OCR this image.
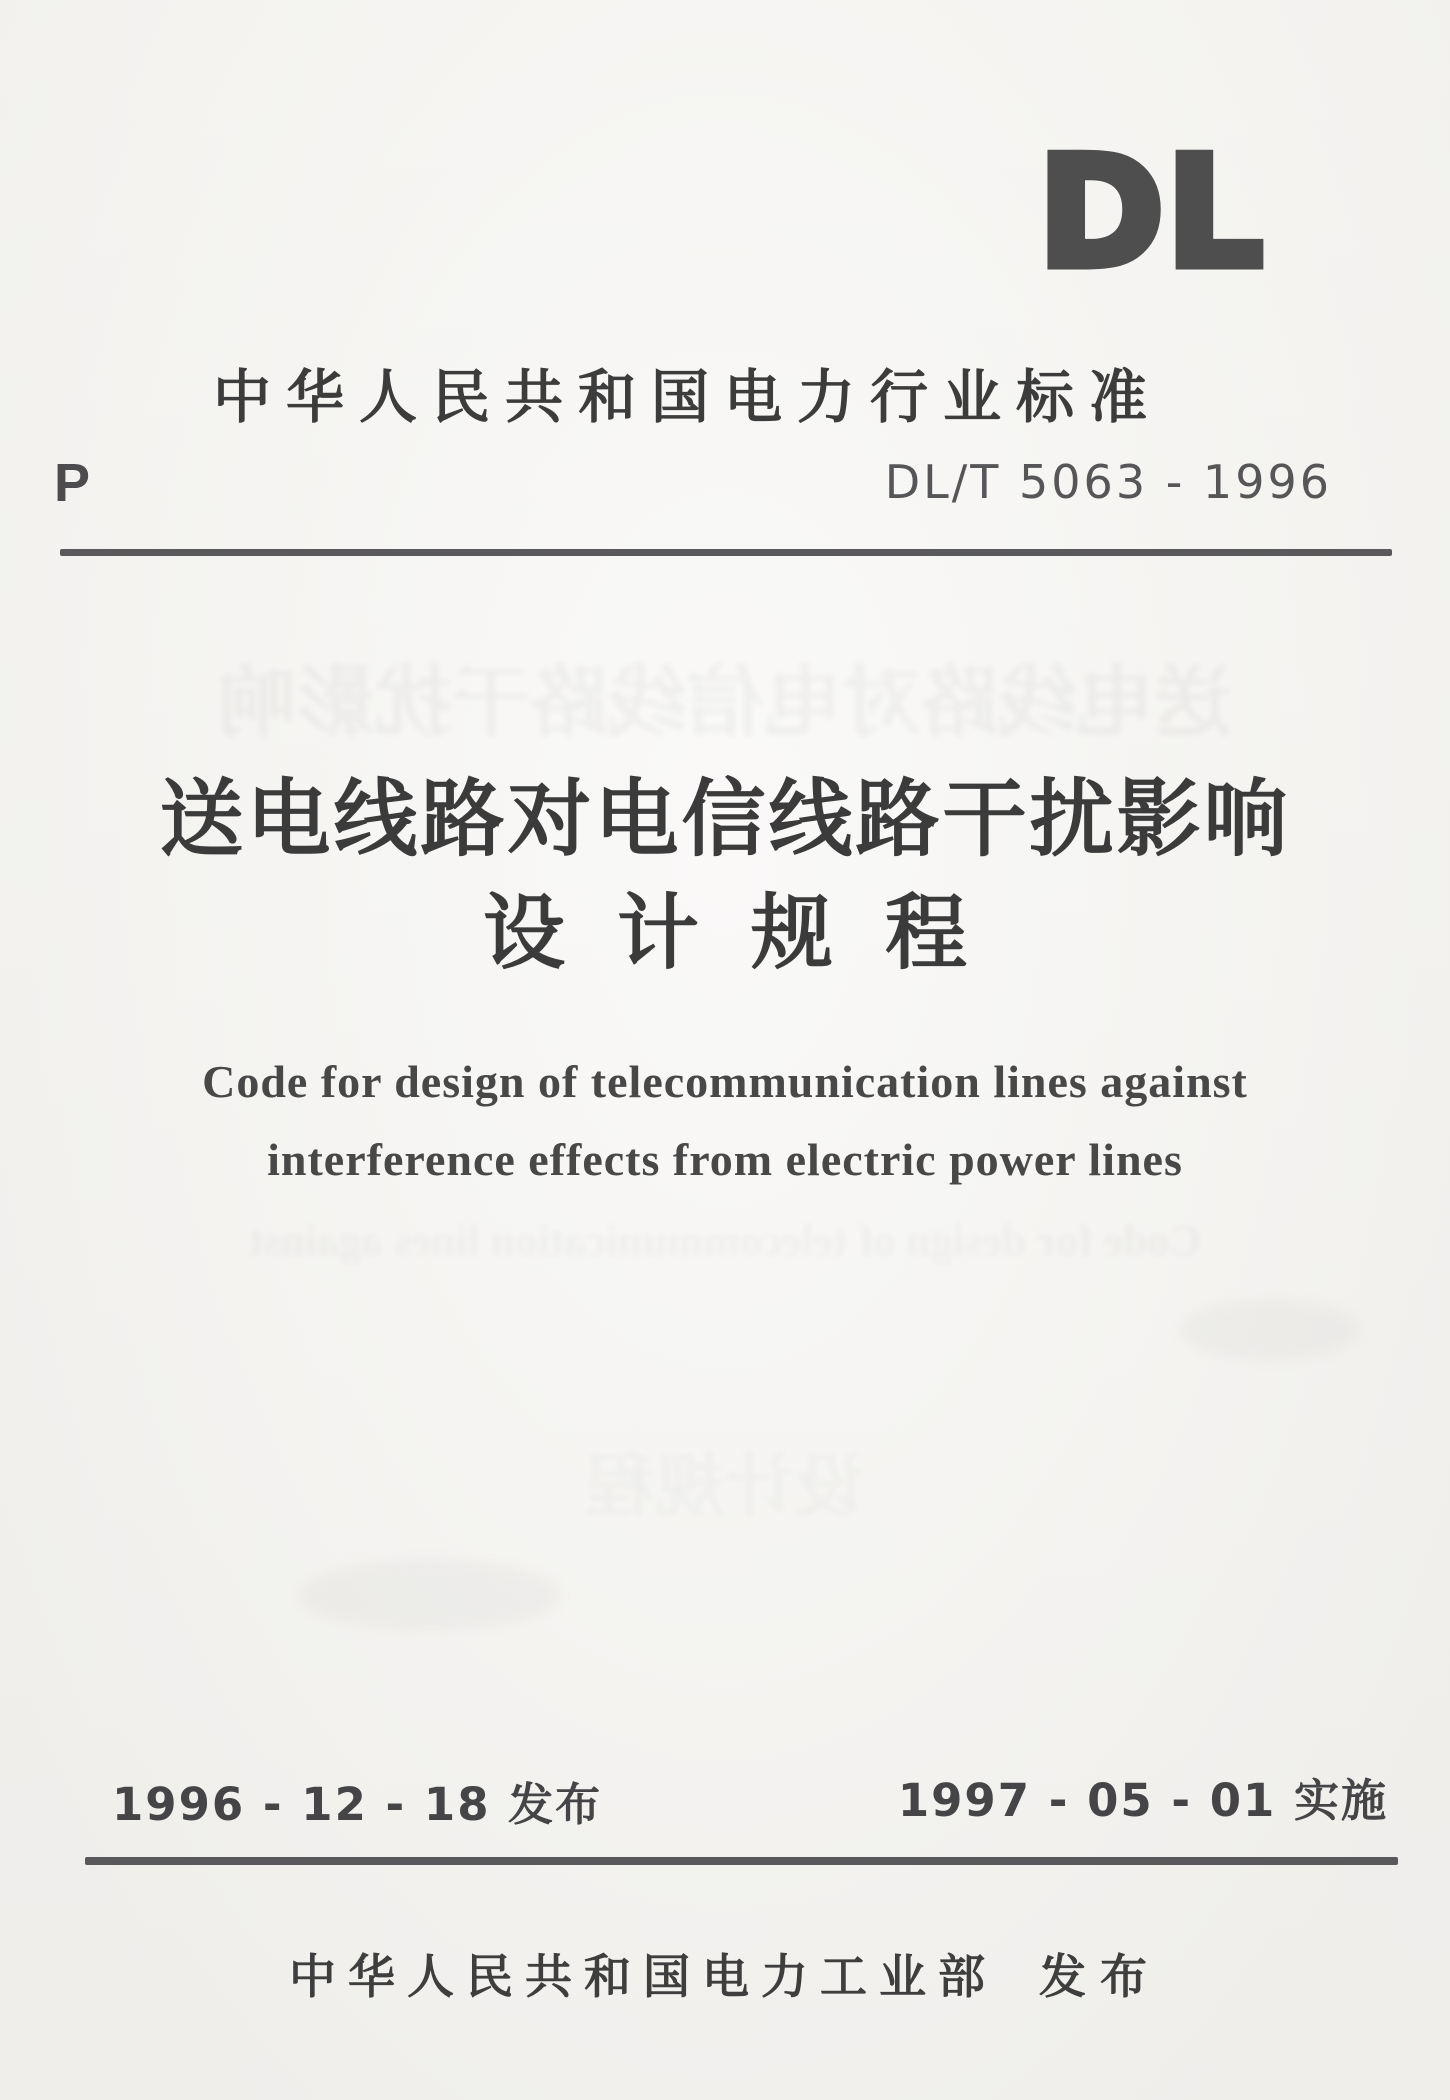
DL
中华人民共和国电力行业标准
P	DL/T 5063 - 1996
送电线路对电信线路干扰影响
设计规程
Code for design of telecommunication lines against
interference effects from electric power lines
1996 - 12 - 18 发布	1997 - 05 - 01 实施
中华人民共和国电力工业部 发布
